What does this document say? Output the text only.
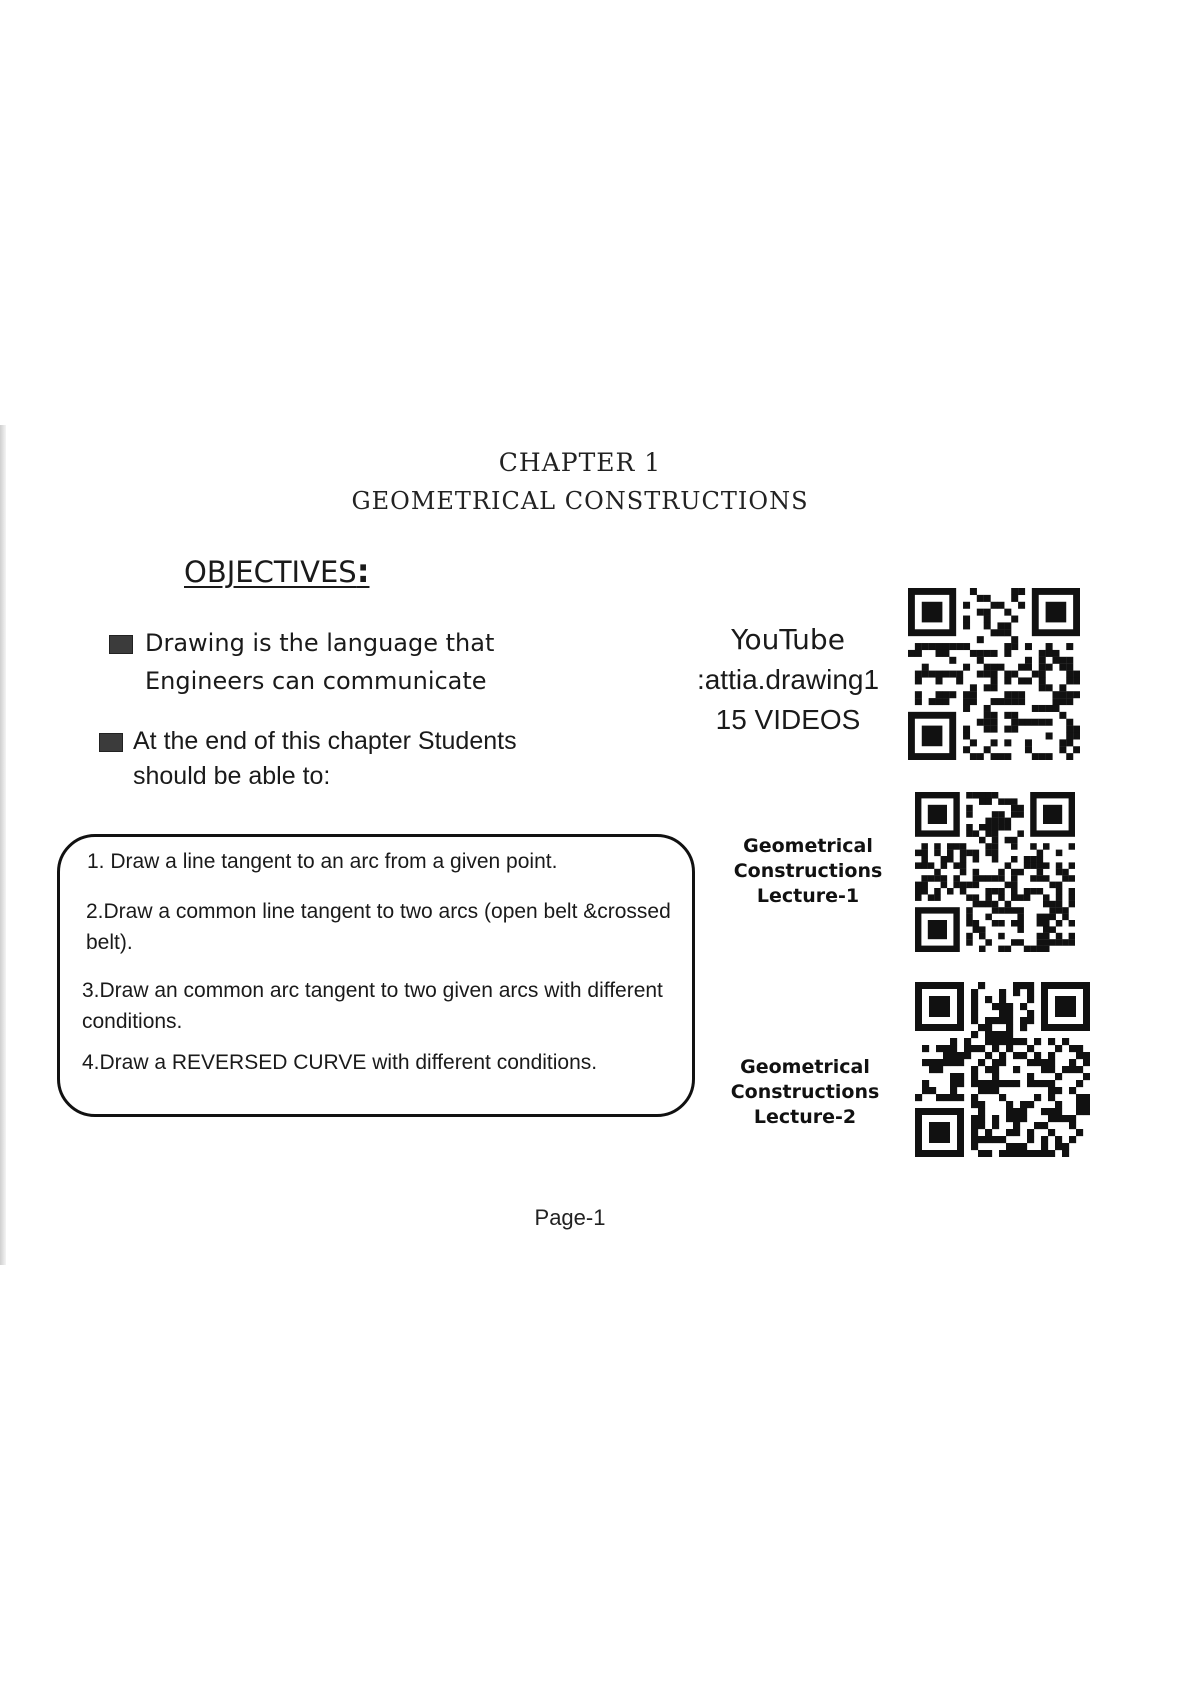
CHAPTER 1
GEOMETRICAL CONSTRUCTIONS
OBJECTIVES:
Drawing is the language that
Engineers can communicate
At the end of this chapter Students
should be able to:
1. Draw a line tangent to an arc from a given point.
2.Draw a common line tangent to two arcs (open belt &crossed belt).
3.Draw an common arc tangent to two given arcs with different conditions.
4.Draw a REVERSED CURVE with different conditions.
YouTube
:attia.drawing1
15 VIDEOS
Geometrical
Constructions
Lecture-1
Geometrical
Constructions
Lecture-2
Page-1
